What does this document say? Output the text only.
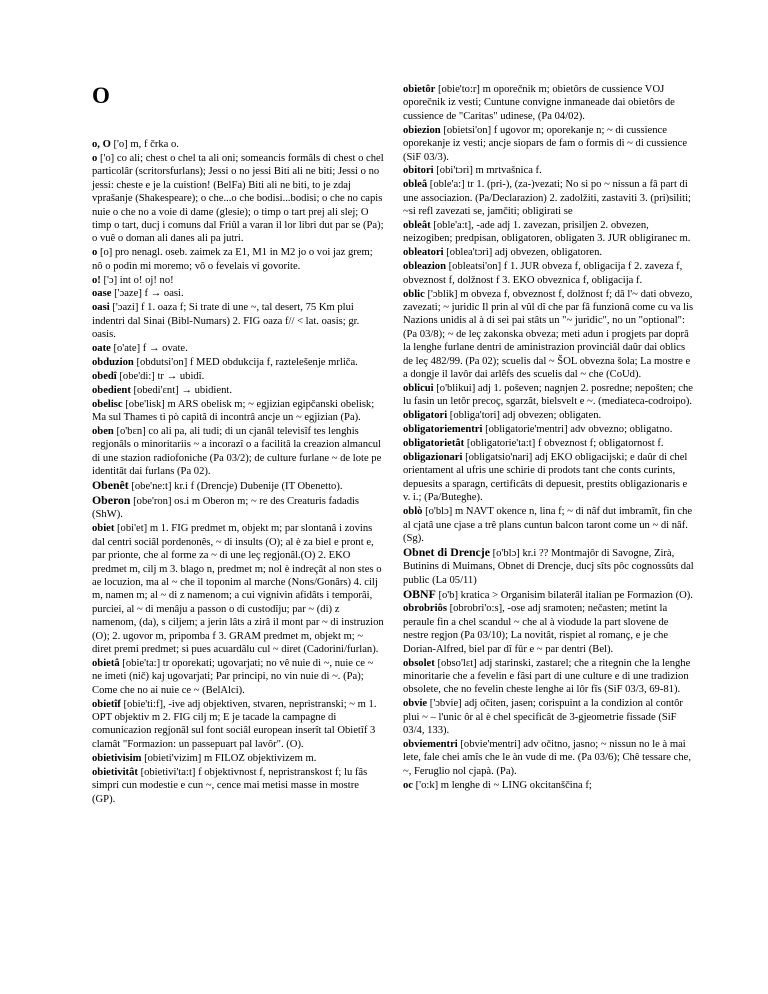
O

o, O ['o] m, f črka o.

o ['o] co ali; chest o chel ta ali oni; someancis formâls di chest o chel particolâr (scritorsfurlans); Jessi o no jessi Biti ali ne biti; Jessi o no jessi: cheste e je la cuistion! (BelFa) Biti ali ne biti, to je zdaj vprašanje (Shakespeare); o che...o che bodisi...bodisi; o che no capis nuie o che no a voie di dame (glesie); o timp o tart prej ali slej; O timp o tart, ducj i comuns dal Friûl a varan il lor libri dut par se (Pa); o vuê o doman ali danes ali pa jutri.

o [o] pro nenagl. oseb. zaimek za E1, M1 in M2 jo o voi jaz grem; nô o podìn mi moremo; vô o fevelais vi govorite.

o! ['ɔ] int o! oj! no!

oase ['ɔaze] f → oasi.

oasi ['ɔazi] f 1. oaza f; Si trate di une ~, tal desert, 75 Km plui indentri dal Sinai (Bibl-Numars) 2. FIG oaza f// < lat. oasis; gr. oasis.

oate [o'ate] f → ovate.

obduzion [obdutsi'on] f MED obdukcija f, raztelešenje mrliča.

obedî [obe'di:] tr → ubidî.

obedient [obedi'ɛnt] → ubidient.

obelisc [obe'lisk] m ARS obelisk m; ~ egjizian egipčanski obelisk; Ma sul Thames ti pò capitâ di incontrâ ancje un ~ egjizian (Pa).

oben [o'bɛn] co ali pa, ali tudi; di un cjanâl televisîf tes lenghis regjonâls o minoritariis ~ a incorazî o a facilitâ la creazion almancul di une stazion radiofoniche (Pa 03/2); de culture furlane ~ de lote pe identitât dai furlans (Pa 02).

Obenêt [obe'ne:t] kr.i f (Drencje) Dubenije (IT Obenetto).

Oberon [obe'ron] os.i m Oberon m; ~ re des Creaturis fadadis (ShW).

obiet [obi'et] m 1. FIG predmet m, objekt m; par slontanâ i zovins dal centri sociâl pordenonês, ~ di insults (O); al è za biel e pront e, par prionte, che al forme za ~ di une leç regjonâl.(O) 2. EKO predmet m, cilj m 3. blago n, predmet m; nol è indreçât al non stes o ae locuzion, ma al ~ che il toponim al marche (Nons/Gonârs) 4. cilj m, namen m; al ~ di z namenom; a cui vignivin afidâts i temporâi, purciei, al ~ di menâju a passon o di custodîju; par ~ (di) z namenom, (da), s ciljem; a jerin lâts a zirâ il mont par ~ di instruzion (O); 2. ugovor m, pripomba f 3. GRAM predmet m, objekt m; ~ diret premi predmet; si pues acuardâlu cul ~ diret (Cadorini/furlan).

obietâ [obie'ta:] tr oporekati; ugovarjati; no vê nuie di ~, nuie ce ~ ne imeti (nič) kaj ugovarjati; Par principi, no vin nuie di ~. (Pa); Come che no ai nuie ce ~ (BelAlci).

obietîf [obie'ti:f], -ive adj objektiven, stvaren, nepristranski; ~ m 1. OPT objektiv m 2. FIG cilj m; E je tacade la campagne di comunicazion regjonâl sul font sociâl european inserît tal Obietîf 3 clamât "Formazion: un passepuart pal lavôr". (O).

obietivisim [obieti'vizim] m FILOZ objektivizem m.

obietivitât [obietivi'ta:t] f objektivnost f, nepristranskost f; lu fâs simpri cun modestie e cun ~, cence mai metisi masse in mostre (GP).

obietôr [obie'to:r] m oporečnik m; obietôrs de cussience VOJ oporečnik iz vesti; Cuntune convigne inmaneade dai obietôrs de cussience de "Caritas" udinese, (Pa 04/02).

obiezion [obietsi'on] f ugovor m; oporekanje n; ~ di cussience oporekanje iz vesti; ancje siopars de fam o formis di ~ di cussience (SiF 03/3).

obitori [obi'tɔri] m mrtvašnica f.

obleâ [oble'a:] tr 1. (pri-), (za-)vezati; No si po ~ nissun a fâ part di une associazion. (Pa/Declarazion) 2. zadolžiti, zastaviti 3. (pri)siliti; ~si refl zavezati se, jamčiti; obligirati se

obleât [oble'a:t], -ade adj 1. zavezan, prisiljen 2. obvezen, neizogiben; predpisan, obligatoren, obligaten 3. JUR obligiranec m.

obleatori [oblea'tɔri] adj obvezen, obligatoren.

obleazion [obleatsi'on] f 1. JUR obveza f, obligacija f 2. zaveza f, obveznost f, dolžnost f 3. EKO obveznica f, obligacija f.

oblic ['ɔblik] m obveza f, obveznost f, dolžnost f; dâ l'~ dati obvezo, zavezati; ~ juridic Il prin al vûl dî che par fâ funzionâ come cu va lis Nazions unidis al à di sei pai stâts un "~ juridic", no un "optional": (Pa 03/8); ~ de leç zakonska obveza; meti adun i progjets par doprâ la lenghe furlane dentri de aministrazion provinciâl daûr dai oblics de leç 482/99. (Pa 02); scuelis dal ~ ŠOL obvezna šola; La mostre e a dongje il lavôr dai arlêfs des scuelis dal ~ che (CoUd).

oblicui [o'blikui] adj 1. poševen; nagnjen 2. posredne; nepošten; che lu fasin un letôr precoç, sgarzât, bielsvelt e ~. (mediateca-codroipo).

obligatori [obliga'tori] adj obvezen; obligaten.

obligatoriementri [obligatorie'mentri] adv obvezno; obligatno.

obligatorietât [obligatorie'ta:t] f obveznost f; obligatornost f.

obligazionari [obligatsio'nari] adj EKO obligacijski; e daûr di chel orientament al ufris une schirie di prodots tant che conts curints, depuesits a sparagn, certificâts di depuesit, prestits obligazionaris e v. i.; (Pa/Buteghe).

oblò [o'blɔ] m NAVT okence n, lina f; ~ di nâf dut imbramît, fin che al cjatâ une cjase a trê plans cuntun balcon taront come un ~ di nâf. (Sg).

Obnet di Drencje [o'blɔ] kr.i ?? Montmajôr di Savogne, Zirà, Butinins di Muimans, Obnet di Drencje, ducj sîts pôc cognossûts dal public (La 05/11)

OBNF [o'b] kratica > Organisim bilaterâl italian pe Formazion (O).

obrobriôs [obrobri'o:s], -ose adj sramoten; nečasten; metint la peraule fin a chel scandul ~ che al à viodude la part slovene de nestre regjon (Pa 03/10); La novitât, rispiet al romanç, e je che Dorian-Alfred, biel par dî fûr e ~ par dentri (Bel).

obsolet [obso'lɛt] adj starinski, zastarel; che a ritegnin che la lenghe minoritarie che a fevelin e fâsi part di une culture e di une tradizion obsolete, che no fevelin cheste lenghe ai lôr fîs (SiF 03/3, 69-81).

obvie ['ɔbvie] adj očiten, jasen; corispuint a la condizion al contôr plui ~ – l'unic ôr al è chel specificât de 3-gjeometrie fissade (SiF 03/4, 133).

obviementri [obvie'mentri] adv očitno, jasno; ~ nissun no le à mai lete, fale chei amîs che le àn vude di me. (Pa 03/6); Chê tessare che, ~, Feruglio nol cjapà. (Pa).

oc ['o:k] m lenghe di ~ LING okcitanščina f;
